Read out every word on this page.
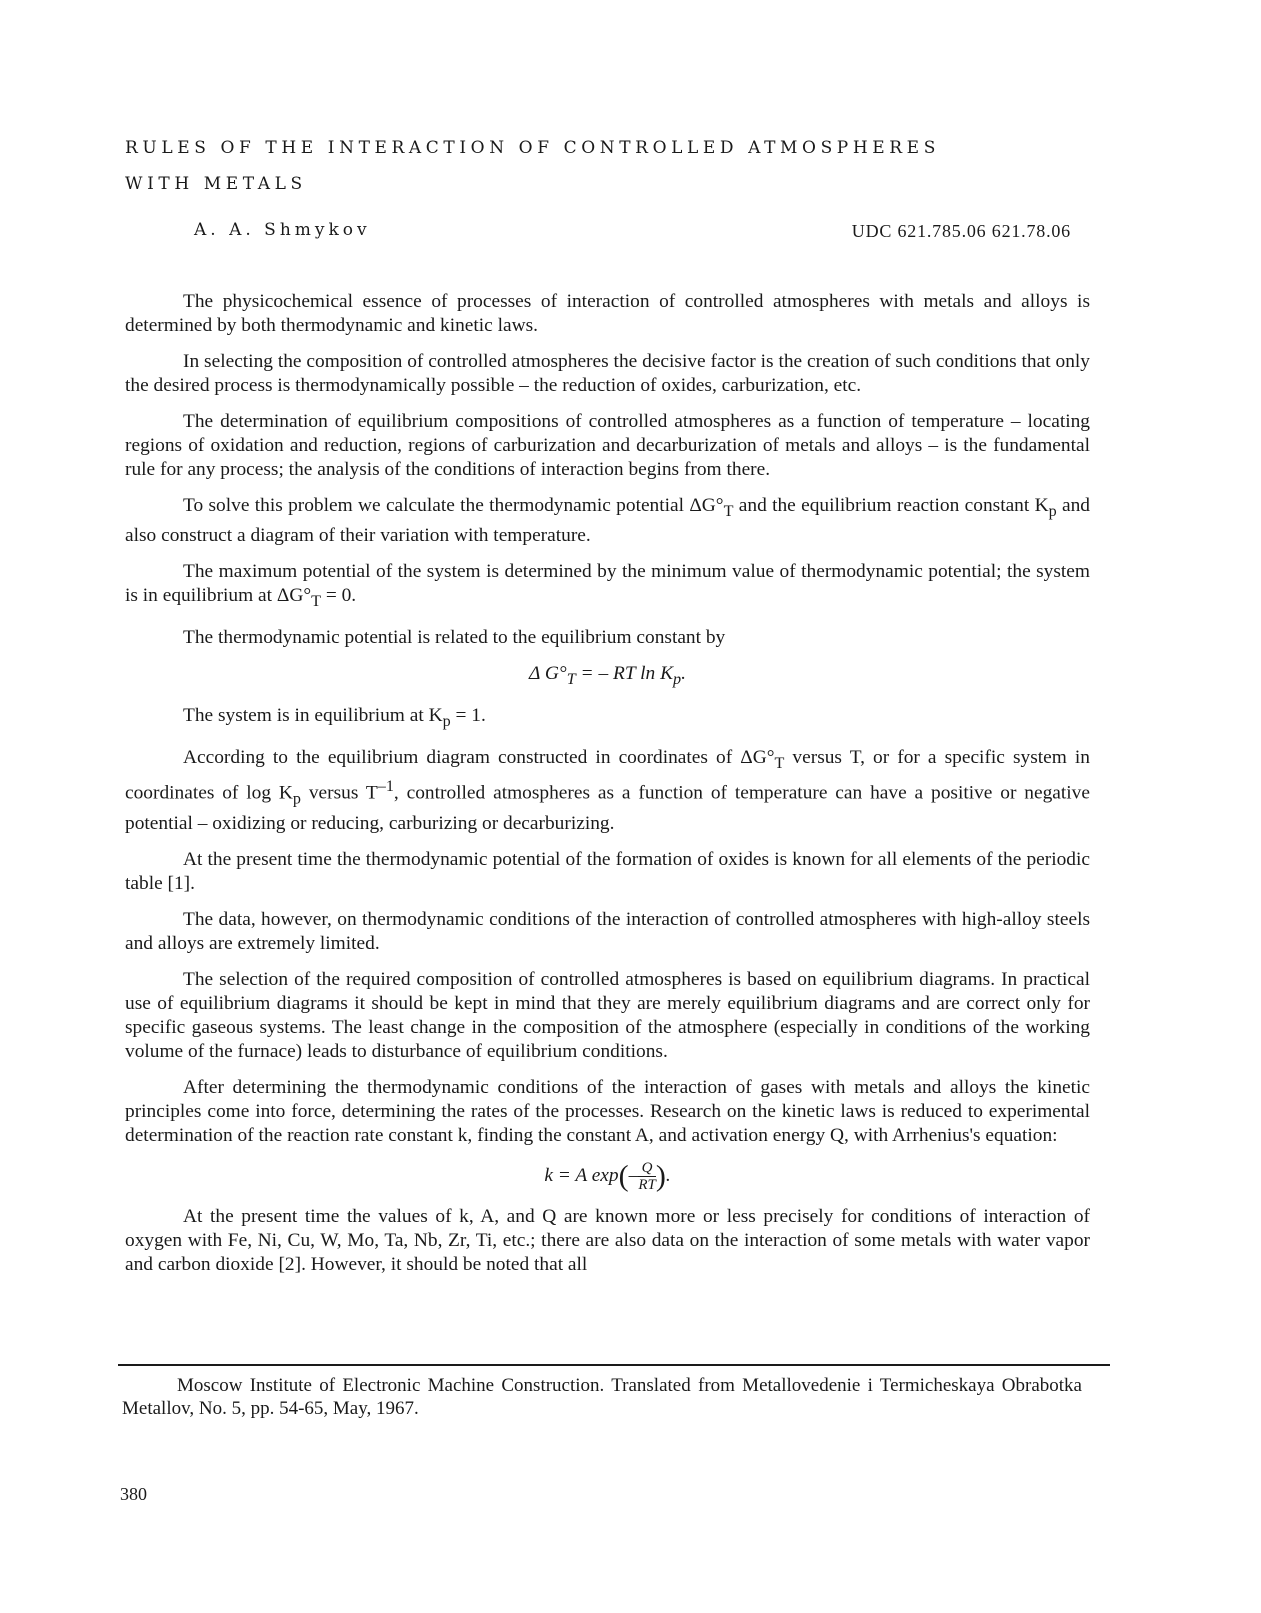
RULES OF THE INTERACTION OF CONTROLLED ATMOSPHERES
WITH METALS
A. A. Shmykov	UDC 621.785.06 621.78.06

The physicochemical essence of processes of interaction of controlled atmospheres with metals and alloys is determined by both thermodynamic and kinetic laws.

In selecting the composition of controlled atmospheres the decisive factor is the creation of such conditions that only the desired process is thermodynamically possible – the reduction of oxides, carburization, etc.

The determination of equilibrium compositions of controlled atmospheres as a function of temperature – locating regions of oxidation and reduction, regions of carburization and decarburization of metals and alloys – is the fundamental rule for any process; the analysis of the conditions of interaction begins from there.

To solve this problem we calculate the thermodynamic potential $\Delta G^\circ_T$ and the equilibrium reaction constant $K_p$ and also construct a diagram of their variation with temperature.

The maximum potential of the system is determined by the minimum value of thermodynamic potential; the system is in equilibrium at $\Delta G^\circ_T = 0$.

The thermodynamic potential is related to the equilibrium constant by

Δ $G^\circ_T$ = – RT $\ln K_p$.

The system is in equilibrium at $K_p = 1$.

According to the equilibrium diagram constructed in coordinates of $\Delta G^\circ_T$ versus T, or for a specific system in coordinates of $\log K_p$ versus $T^{-1}$, controlled atmospheres as a function of temperature can have a positive or negative potential – oxidizing or reducing, carburizing or decarburizing.

At the present time the thermodynamic potential of the formation of oxides is known for all elements of the periodic table [1].

The data, however, on thermodynamic conditions of the interaction of controlled atmospheres with high-alloy steels and alloys are extremely limited.

The selection of the required composition of controlled atmospheres is based on equilibrium diagrams. In practical use of equilibrium diagrams it should be kept in mind that they are merely equilibrium diagrams and are correct only for specific gaseous systems. The least change in the composition of the atmosphere (especially in conditions of the working volume of the furnace) leads to disturbance of equilibrium conditions.

After determining the thermodynamic conditions of the interaction of gases with metals and alloys the kinetic principles come into force, determining the rates of the processes. Research on the kinetic laws is reduced to experimental determination of the reaction rate constant k, finding the constant A, and activation energy Q, with Arrhenius's equation:

k = A $\exp(- \frac{Q}{RT}$ ).

At the present time the values of k, A, and Q are known more or less precisely for conditions of interaction of oxygen with Fe, Ni, Cu, W, Mo, Ta, Nb, Zr, Ti, etc.; there are also data on the interaction of some metals with water vapor and carbon dioxide [2]. However, it should be noted that all

Moscow Institute of Electronic Machine Construction. Translated from Metallovedenie i Termicheskaya Obrabotka Metallov, No. 5, pp. 54-65, May, 1967.

380
